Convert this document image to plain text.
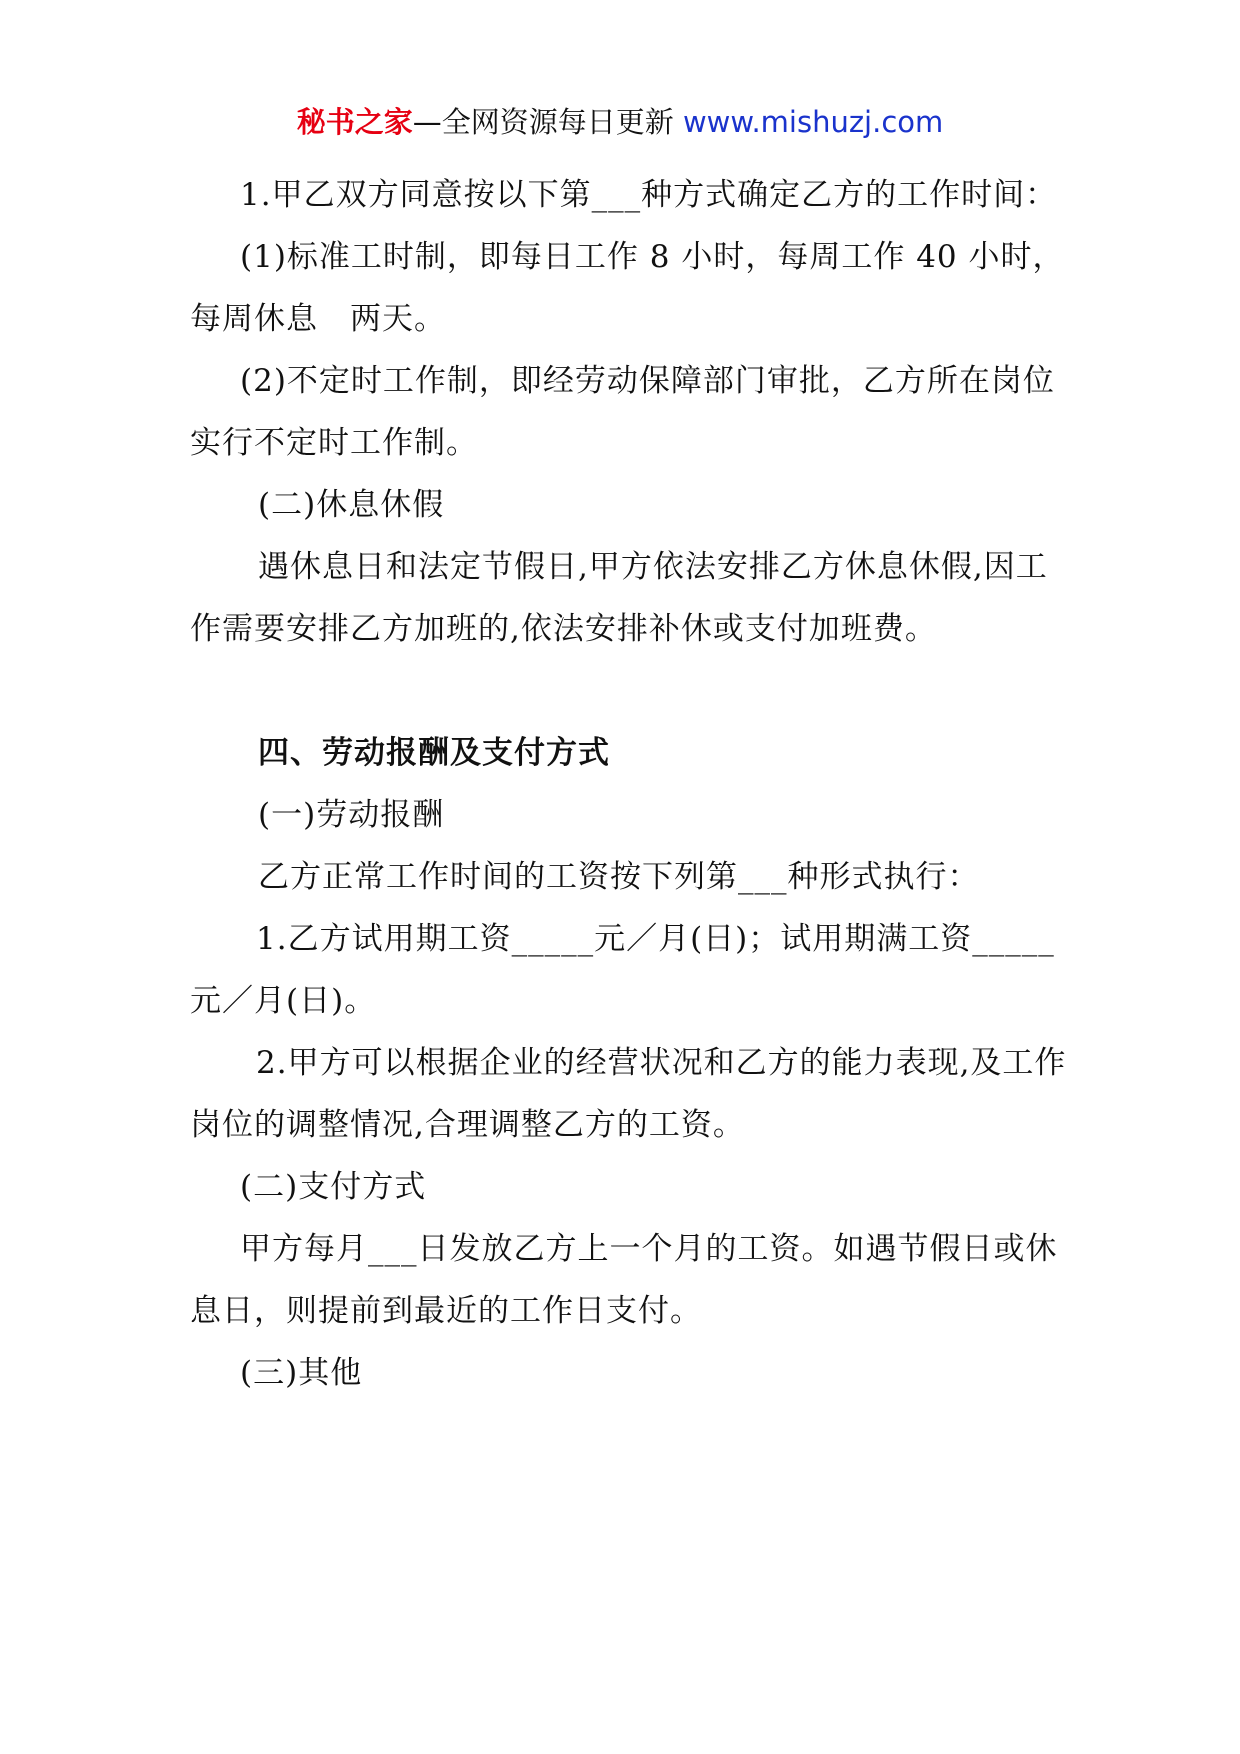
秘书之家—全网资源每日更新 www.mishuzj.com

1.甲乙双方同意按以下第___种方式确定乙方的工作时间：

(1)标准工时制，即每日工作 8 小时，每周工作 40 小时，每周休息　两天。

(2)不定时工作制，即经劳动保障部门审批，乙方所在岗位实行不定时工作制。

(二)休息休假

遇休息日和法定节假日,甲方依法安排乙方休息休假,因工作需要安排乙方加班的,依法安排补休或支付加班费。

四、劳动报酬及支付方式

(一)劳动报酬

乙方正常工作时间的工资按下列第___种形式执行：

1.乙方试用期工资_____元／月(日)；试用期满工资_____元／月(日)。

2.甲方可以根据企业的经营状况和乙方的能力表现,及工作岗位的调整情况,合理调整乙方的工资。

(二)支付方式

甲方每月___日发放乙方上一个月的工资。如遇节假日或休息日，则提前到最近的工作日支付。

(三)其他
